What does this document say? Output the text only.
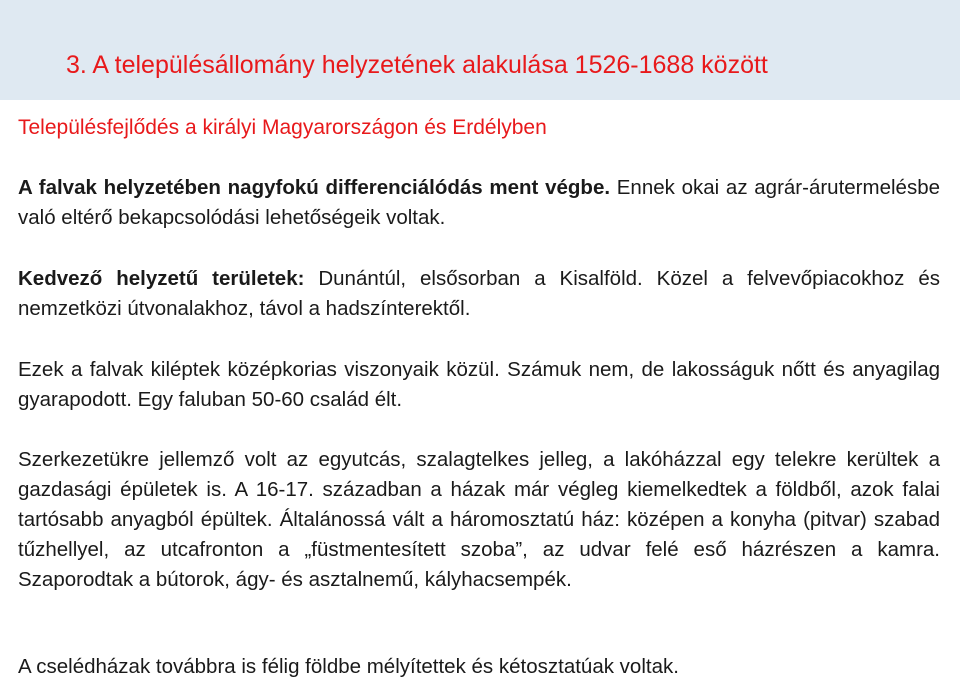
3. A településállomány helyzetének alakulása 1526-1688 között
Településfejlődés a királyi Magyarországon és Erdélyben

A falvak helyzetében nagyfokú differenciálódás ment végbe. Ennek okai az agrár-árutermelésbe való eltérő bekapcsolódási lehetőségeik voltak.

Kedvező helyzetű területek: Dunántúl, elsősorban a Kisalföld. Közel a felvevőpiacokhoz és nemzetközi útvonalakhoz, távol a hadszínterektől.

Ezek a falvak kiléptek középkorias viszonyaik közül. Számuk nem, de lakosságuk nőtt és anyagilag gyarapodott. Egy faluban 50-60 család élt.

Szerkezetükre jellemző volt az egyutcás, szalagtelkes jelleg, a lakóházzal egy telekre kerültek a gazdasági épületek is. A 16-17. században a házak már végleg kiemelkedtek a földből, azok falai tartósabb anyagból épültek. Általánossá vált a háromosztatú ház: középen a konyha (pitvar) szabad tűzhellyel, az utcafronton a „füstmentesített szoba”, az udvar felé eső házrészen a kamra. Szaporodtak a bútorok, ágy- és asztalnemű, kályhacsempék.

A cselédházak továbbra is félig földbe mélyítettek és kétosztatúak voltak.
